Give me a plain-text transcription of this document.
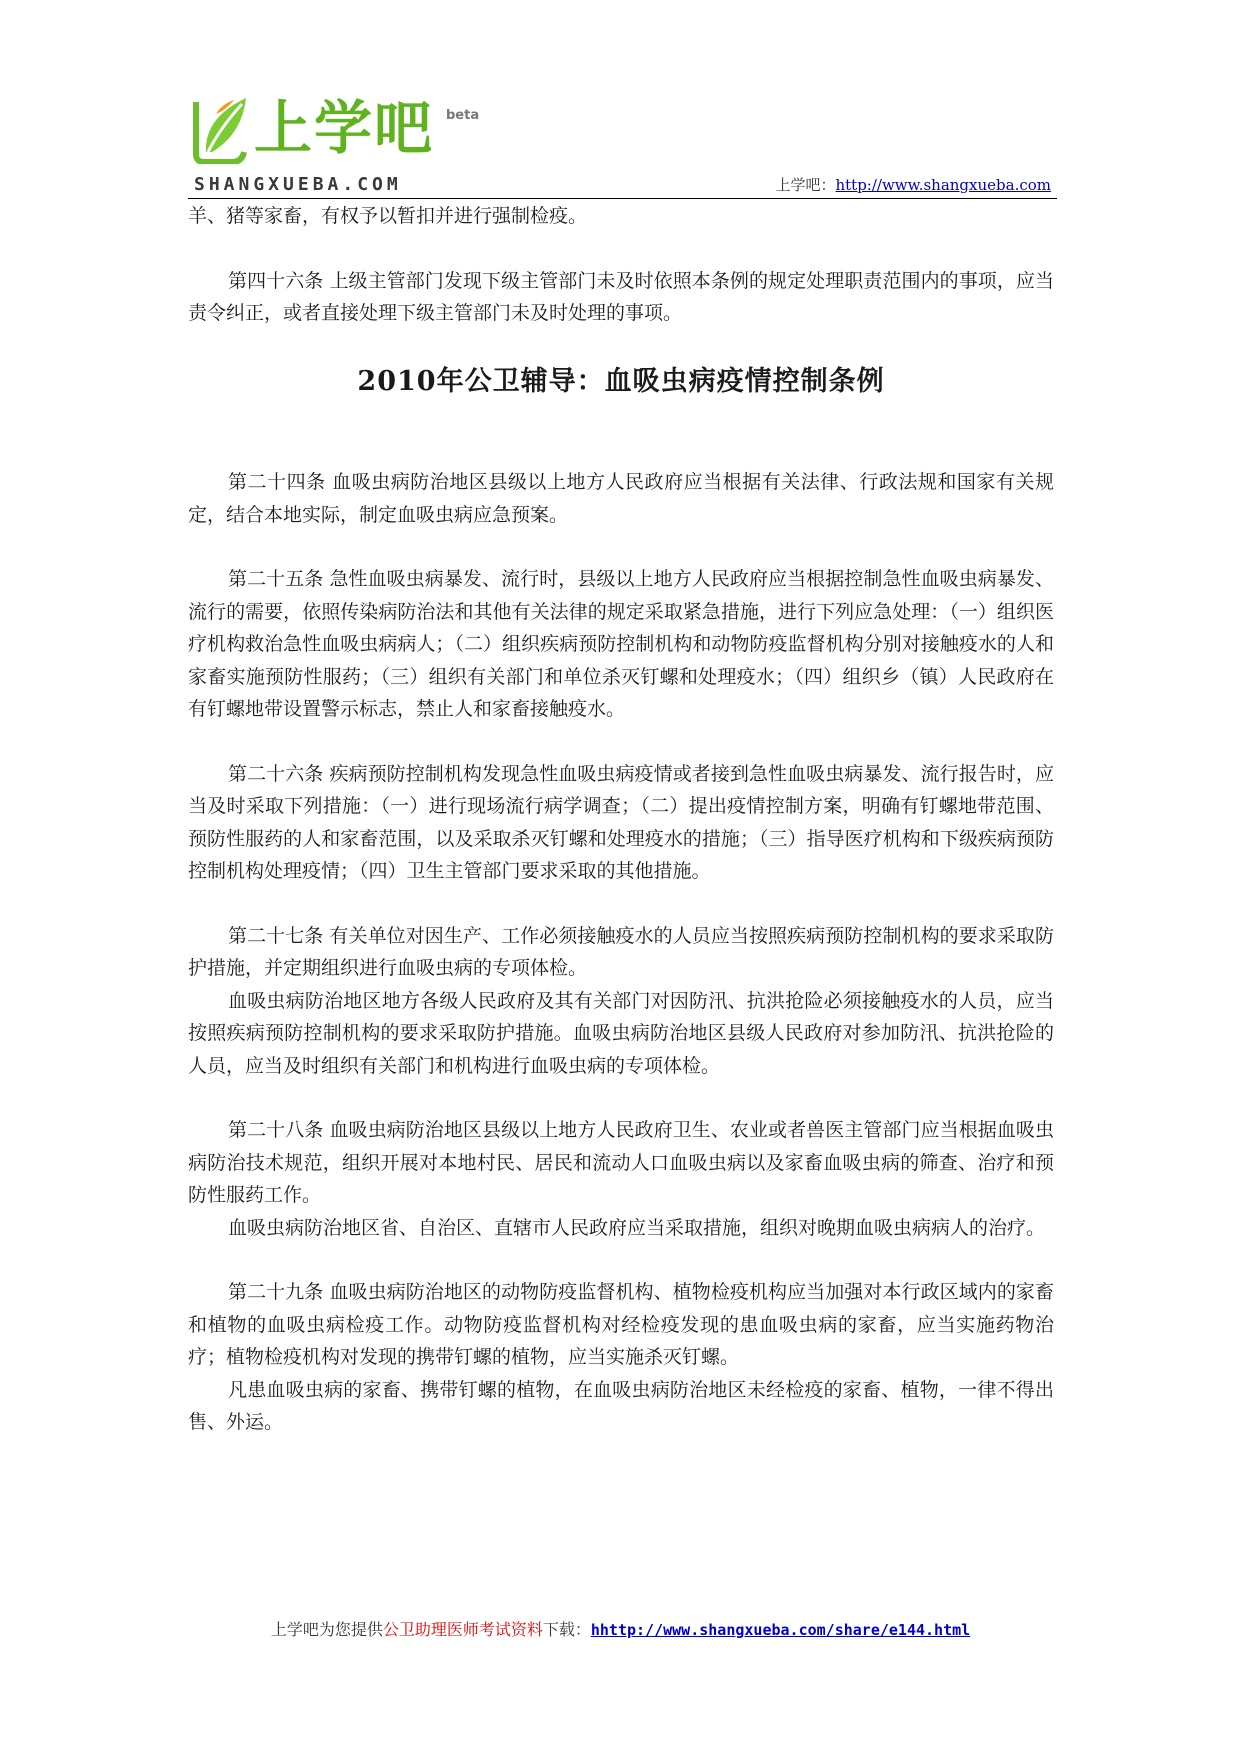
上学吧 beta
SHANGXUEBA.COM	上学吧：http://www.shangxueba.com

羊、猪等家畜，有权予以暂扣并进行强制检疫。

第四十六条 上级主管部门发现下级主管部门未及时依照本条例的规定处理职责范围内的事项，应当责令纠正，或者直接处理下级主管部门未及时处理的事项。

2010年公卫辅导：血吸虫病疫情控制条例

第二十四条 血吸虫病防治地区县级以上地方人民政府应当根据有关法律、行政法规和国家有关规定，结合本地实际，制定血吸虫病应急预案。

第二十五条 急性血吸虫病暴发、流行时，县级以上地方人民政府应当根据控制急性血吸虫病暴发、流行的需要，依照传染病防治法和其他有关法律的规定采取紧急措施，进行下列应急处理：（一）组织医疗机构救治急性血吸虫病病人；（二）组织疾病预防控制机构和动物防疫监督机构分别对接触疫水的人和家畜实施预防性服药；（三）组织有关部门和单位杀灭钉螺和处理疫水；（四）组织乡（镇）人民政府在有钉螺地带设置警示标志，禁止人和家畜接触疫水。

第二十六条 疾病预防控制机构发现急性血吸虫病疫情或者接到急性血吸虫病暴发、流行报告时，应当及时采取下列措施：（一）进行现场流行病学调查；（二）提出疫情控制方案，明确有钉螺地带范围、预防性服药的人和家畜范围，以及采取杀灭钉螺和处理疫水的措施；（三）指导医疗机构和下级疾病预防控制机构处理疫情；（四）卫生主管部门要求采取的其他措施。

第二十七条 有关单位对因生产、工作必须接触疫水的人员应当按照疾病预防控制机构的要求采取防护措施，并定期组织进行血吸虫病的专项体检。

血吸虫病防治地区地方各级人民政府及其有关部门对因防汛、抗洪抢险必须接触疫水的人员，应当按照疾病预防控制机构的要求采取防护措施。血吸虫病防治地区县级人民政府对参加防汛、抗洪抢险的人员，应当及时组织有关部门和机构进行血吸虫病的专项体检。

第二十八条 血吸虫病防治地区县级以上地方人民政府卫生、农业或者兽医主管部门应当根据血吸虫病防治技术规范，组织开展对本地村民、居民和流动人口血吸虫病以及家畜血吸虫病的筛查、治疗和预防性服药工作。

血吸虫病防治地区省、自治区、直辖市人民政府应当采取措施，组织对晚期血吸虫病病人的治疗。

第二十九条 血吸虫病防治地区的动物防疫监督机构、植物检疫机构应当加强对本行政区域内的家畜和植物的血吸虫病检疫工作。动物防疫监督机构对经检疫发现的患血吸虫病的家畜，应当实施药物治疗；植物检疫机构对发现的携带钉螺的植物，应当实施杀灭钉螺。

凡患血吸虫病的家畜、携带钉螺的植物，在血吸虫病防治地区未经检疫的家畜、植物，一律不得出售、外运。

上学吧为您提供公卫助理医师考试资料下载：hhttp://www.shangxueba.com/share/e144.html
